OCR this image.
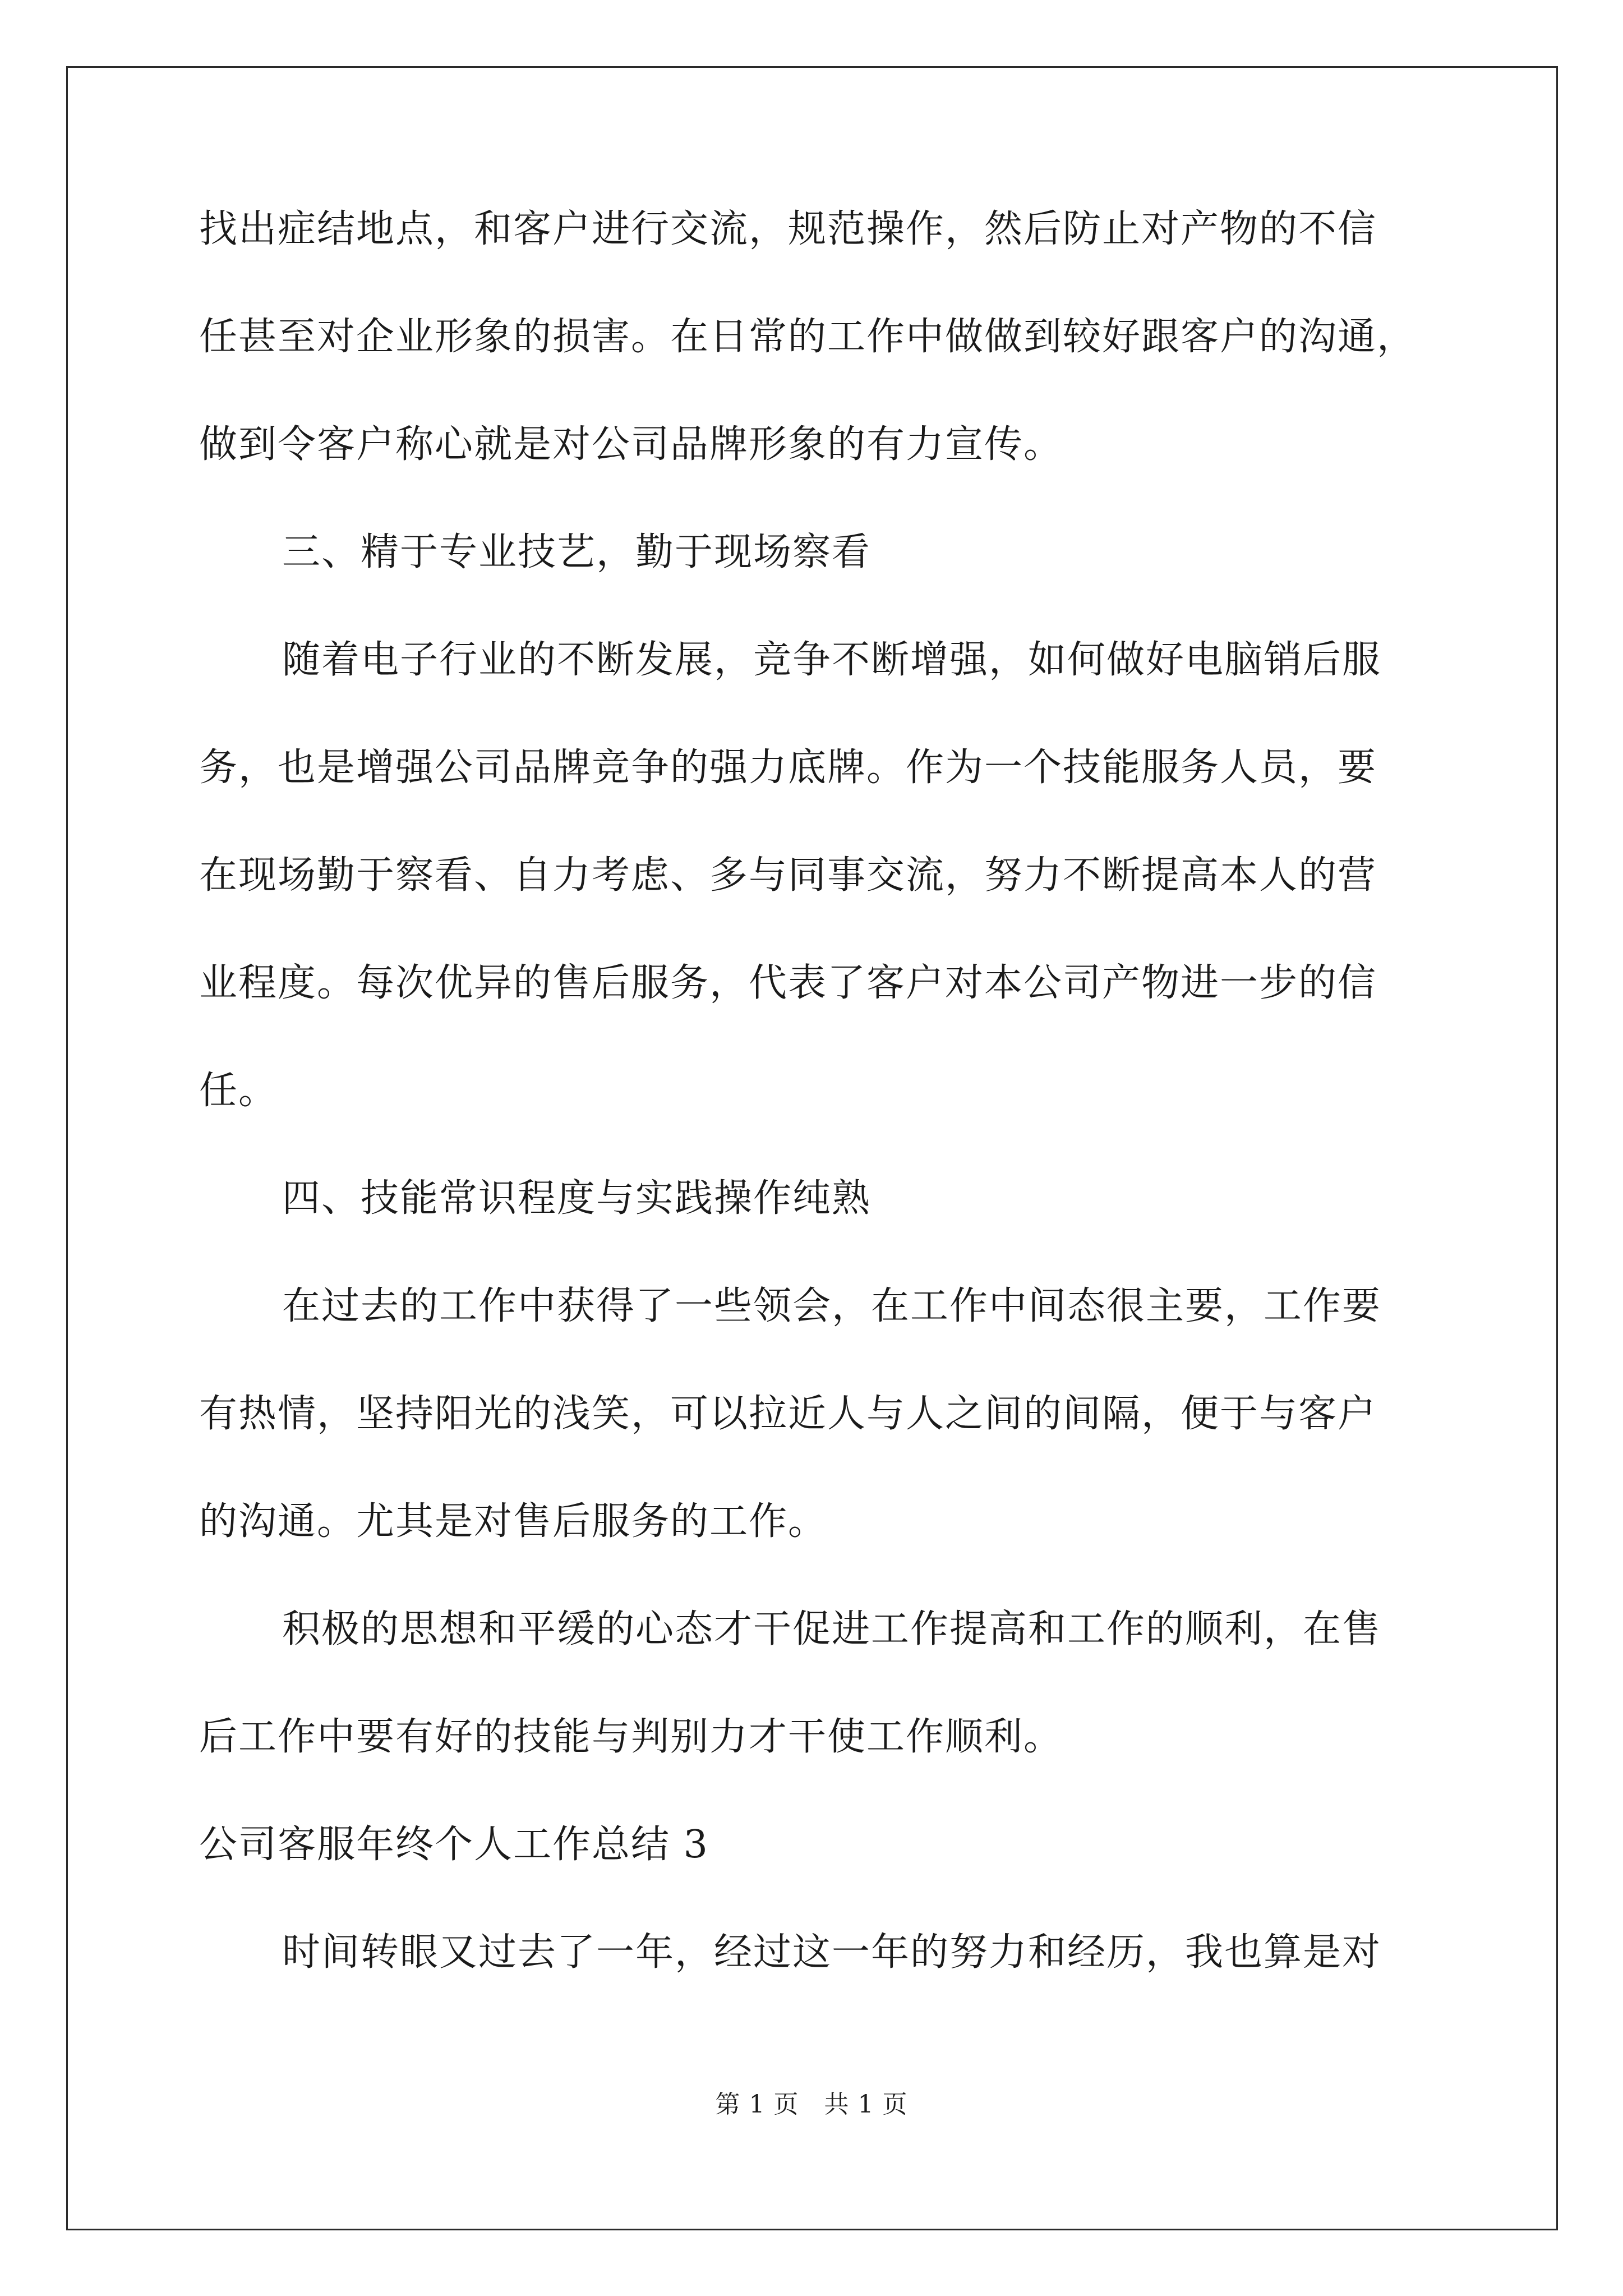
找出症结地点，和客户进行交流，规范操作，然后防止对产物的不信
任甚至对企业形象的损害。在日常的工作中做做到较好跟客户的沟通，
做到令客户称心就是对公司品牌形象的有力宣传。
三、精于专业技艺，勤于现场察看
随着电子行业的不断发展，竞争不断增强，如何做好电脑销后服
务，也是增强公司品牌竞争的强力底牌。作为一个技能服务人员，要
在现场勤于察看、自力考虑、多与同事交流，努力不断提高本人的营
业程度。每次优异的售后服务，代表了客户对本公司产物进一步的信
任。
四、技能常识程度与实践操作纯熟
在过去的工作中获得了一些领会，在工作中间态很主要，工作要
有热情，坚持阳光的浅笑，可以拉近人与人之间的间隔，便于与客户
的沟通。尤其是对售后服务的工作。
积极的思想和平缓的心态才干促进工作提高和工作的顺利，在售
后工作中要有好的技能与判别力才干使工作顺利。
公司客服年终个人工作总结 3
时间转眼又过去了一年，经过这一年的努力和经历，我也算是对
第 1 页　共 1 页
